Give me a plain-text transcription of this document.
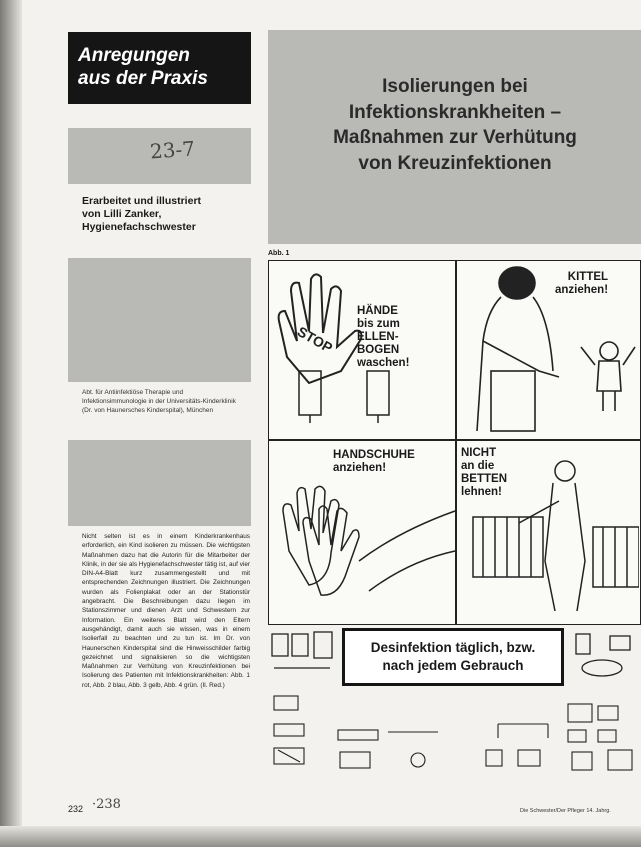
Anregungen
aus der Praxis
23-7
Erarbeitet und illustriert
von Lilli Zanker,
Hygienefachschwester
Abt. für Antiinfektiöse Therapie und Infektionsimmunologie in der Universitäts-Kinderklinik (Dr. von Haunersches Kinderspital), München
Nicht selten ist es in einem Kinderkrankenhaus erforderlich, ein Kind isolieren zu müssen. Die wichtigsten Maßnahmen dazu hat die Autorin für die Mitarbeiter der Klinik, in der sie als Hygienefachschwester tätig ist, auf vier DIN-A4-Blatt kurz zusammengestellt und mit entsprechenden Zeichnungen illustriert. Die Zeichnungen wurden als Folienplakat oder an der Stationstür angebracht. Die Beschreibungen dazu liegen im Stationszimmer und dienen Arzt und Schwestern zur Information. Ein weiteres Blatt wird den Eltern ausgehändigt, damit auch sie wissen, was in einem Isolierfall zu beachten und zu tun ist. Im Dr. von Haunerschen Kinderspital sind die Hinweisschilder farbig gezeichnet und signalisieren so die wichtigsten Maßnahmen zur Verhütung von Kreuzinfektionen bei Isolierung des Patienten mit Infektionskrankheiten: Abb. 1 rot, Abb. 2 blau, Abb. 3 gelb, Abb. 4 grün. (Il. Red.)
Isolierungen bei
Infektionskrankheiten –
Maßnahmen zur Verhütung
von Kreuzinfektionen
Abb. 1
STOP
HÄNDE
bis zum
ELLEN-
BOGEN
waschen!
KITTEL
anziehen!
HANDSCHUHE
anziehen!
NICHT
an die
BETTEN
lehnen!
Desinfektion täglich, bzw.
nach jedem Gebrauch
232 ·238	Die Schwester/Der Pfleger 14. Jahrg.
